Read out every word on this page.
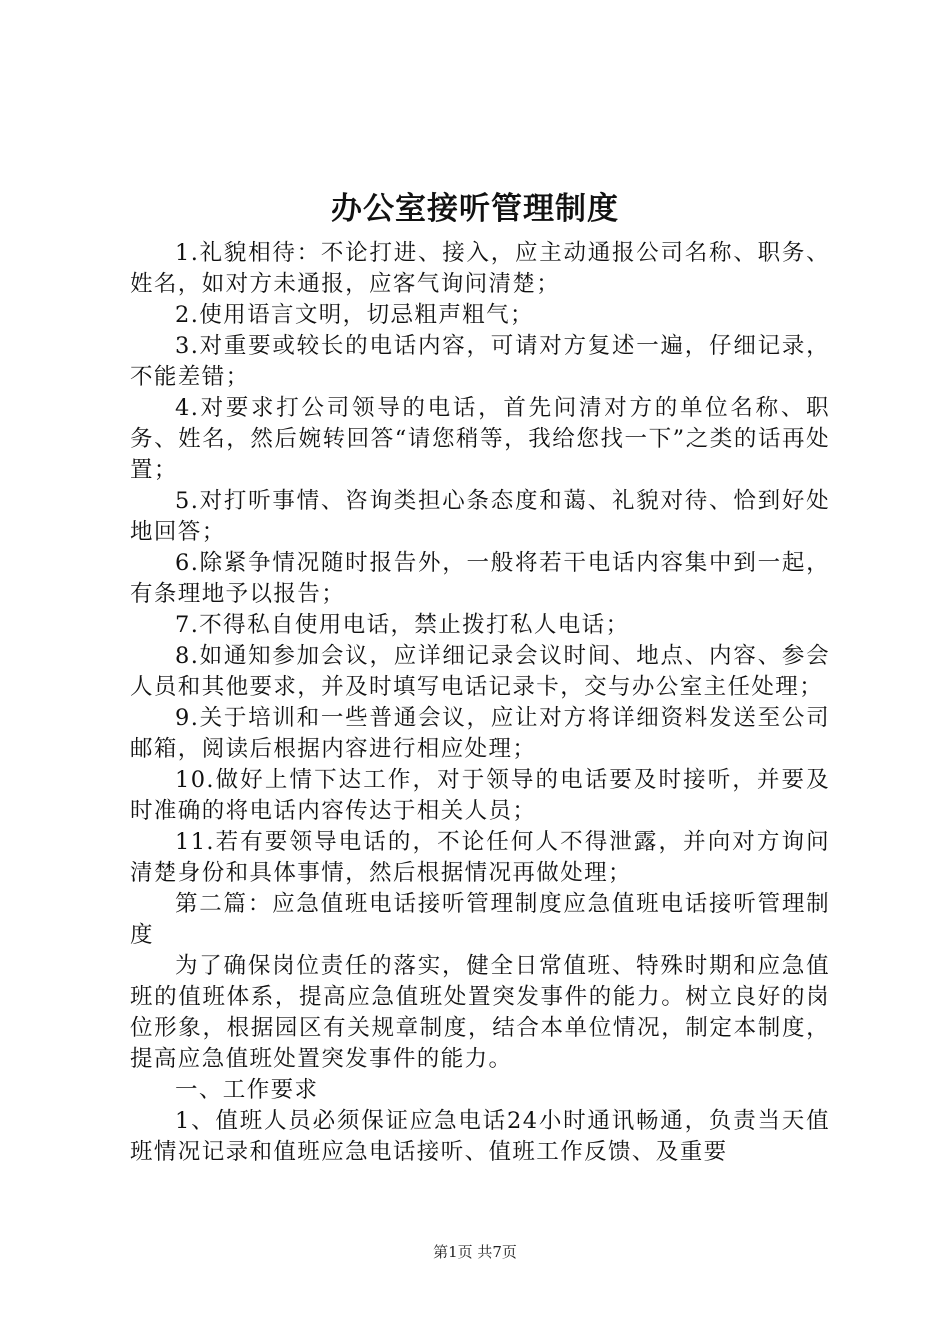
办公室接听管理制度

1.礼貌相待：不论打进、接入，应主动通报公司名称、职务、姓名，如对方未通报，应客气询问清楚；

2.使用语言文明，切忌粗声粗气；

3.对重要或较长的电话内容，可请对方复述一遍，仔细记录，不能差错；

4.对要求打公司领导的电话，首先问清对方的单位名称、职务、姓名，然后婉转回答“请您稍等，我给您找一下”之类的话再处置；

5.对打听事情、咨询类担心条态度和蔼、礼貌对待、恰到好处地回答；

6.除紧争情况随时报告外，一般将若干电话内容集中到一起，有条理地予以报告；

7.不得私自使用电话，禁止拨打私人电话；

8.如通知参加会议，应详细记录会议时间、地点、内容、参会人员和其他要求，并及时填写电话记录卡，交与办公室主任处理；

9.关于培训和一些普通会议，应让对方将详细资料发送至公司邮箱，阅读后根据内容进行相应处理；

10.做好上情下达工作，对于领导的电话要及时接听，并要及时准确的将电话内容传达于相关人员；

11.若有要领导电话的，不论任何人不得泄露，并向对方询问清楚身份和具体事情，然后根据情况再做处理；

第二篇：应急值班电话接听管理制度应急值班电话接听管理制度

为了确保岗位责任的落实，健全日常值班、特殊时期和应急值班的值班体系，提高应急值班处置突发事件的能力。树立良好的岗位形象，根据园区有关规章制度，结合本单位情况，制定本制度，提高应急值班处置突发事件的能力。

一、工作要求

1、值班人员必须保证应急电话24小时通讯畅通，负责当天值班情况记录和值班应急电话接听、值班工作反馈、及重要

第1页 共7页
